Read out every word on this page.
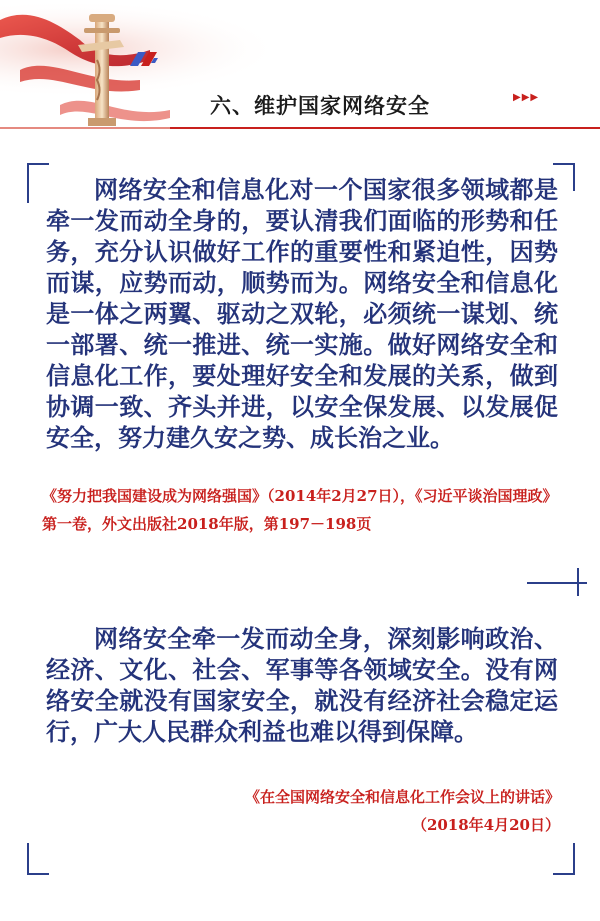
六、维护国家网络安全	▶▶▶
网络安全和信息化对一个国家很多领域都是牵一发而动全身的，要认清我们面临的形势和任务，充分认识做好工作的重要性和紧迫性，因势而谋，应势而动，顺势而为。网络安全和信息化是一体之两翼、驱动之双轮，必须统一谋划、统一部署、统一推进、统一实施。做好网络安全和信息化工作，要处理好安全和发展的关系，做到协调一致、齐头并进，以安全保发展、以发展促安全，努力建久安之势、成长治之业。
《努力把我国建设成为网络强国》（2014年2月27日），《习近平谈治国理政》第一卷，外文出版社2018年版，第197－198页
网络安全牵一发而动全身，深刻影响政治、经济、文化、社会、军事等各领域安全。没有网络安全就没有国家安全，就没有经济社会稳定运行，广大人民群众利益也难以得到保障。
《在全国网络安全和信息化工作会议上的讲话》
（2018年4月20日）
